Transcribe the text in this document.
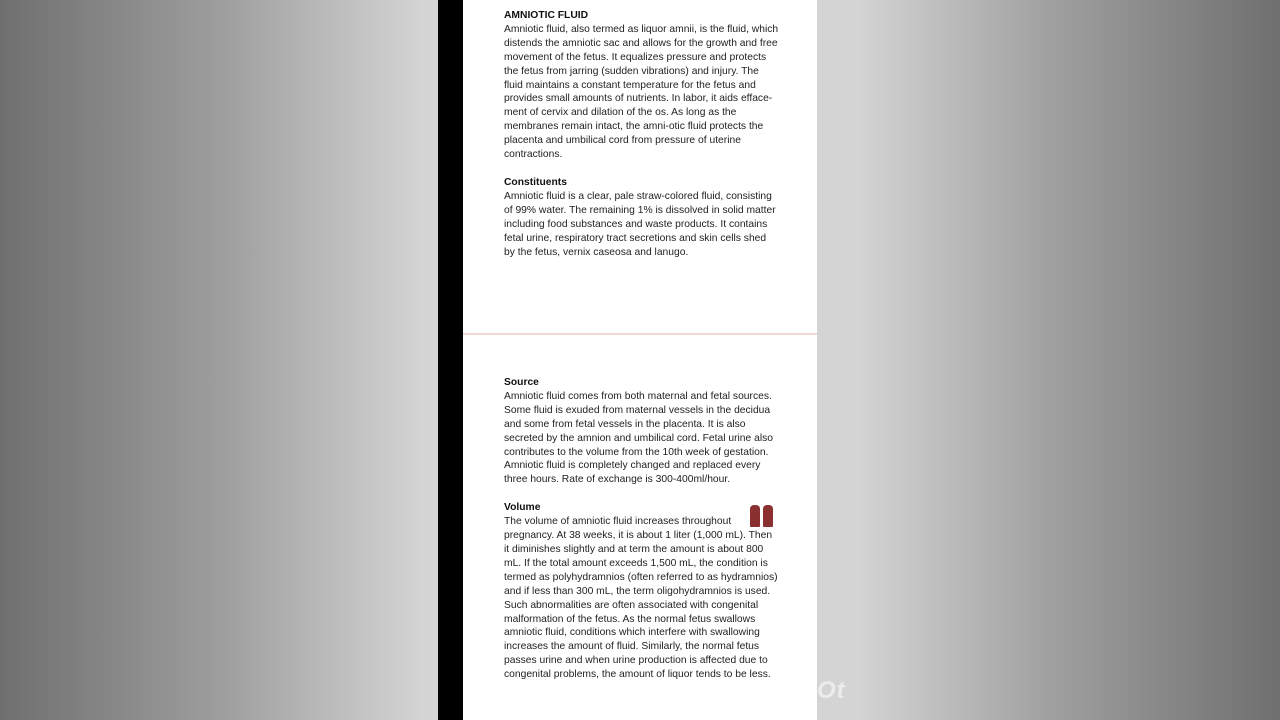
AMNIOTIC FLUID

Amniotic fluid, also termed as liquor amnii, is the fluid, which distends the amniotic sac and allows for the growth and free movement of the fetus. It equalizes pressure and protects the fetus from jarring (sudden vibrations) and injury. The fluid maintains a constant temperature for the fetus and provides small amounts of nutrients. In labor, it aids efface-ment of cervix and dilation of the os. As long as the membranes remain intact, the amni-otic fluid protects the placenta and umbilical cord from pressure of uterine contractions.

Constituents

Amniotic fluid is a clear, pale straw-colored fluid, consisting of 99% water. The remaining 1% is dissolved in solid matter including food substances and waste products. It contains fetal urine, respiratory tract secretions and skin cells shed by the fetus, vernix caseosa and lanugo.

Source

Amniotic fluid comes from both maternal and fetal sources. Some fluid is exuded from maternal vessels in the decidua and some from fetal vessels in the placenta. It is also secreted by the amnion and umbilical cord. Fetal urine also contributes to the volume from the 10th week of gestation.

Amniotic fluid is completely changed and replaced every three hours. Rate of exchange is 300-400ml/hour.

Volume

The volume of amniotic fluid increases throughout pregnancy. At 38 weeks, it is about 1 liter (1,000 mL). Then it diminishes slightly and at term the amount is about 800 mL. If the total amount exceeds 1,500 mL, the condition is termed as polyhydramnios (often referred to as hydramnios) and if less than 300 mL, the term oligohydramnios is used. Such abnormalities are often associated with congenital malformation of the fetus. As the normal fetus swallows amniotic fluid, conditions which interfere with swallowing increases the amount of fluid. Similarly, the normal fetus passes urine and when urine production is affected due to congenital problems, the amount of liquor tends to be less.

InShOt
